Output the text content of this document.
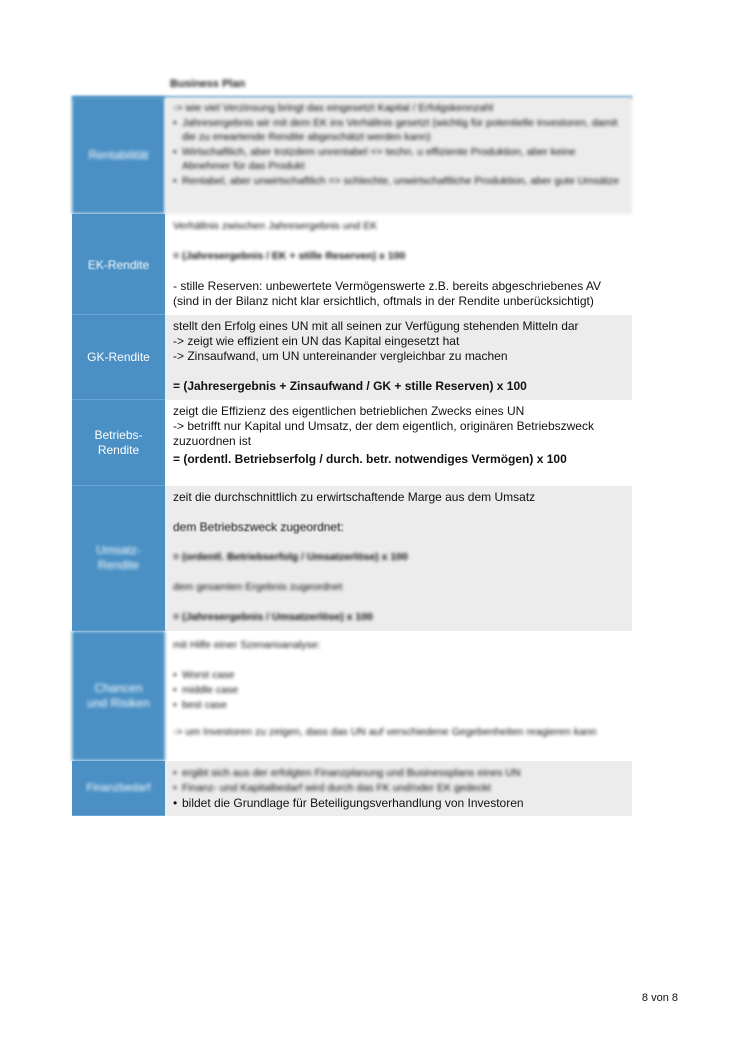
Business Plan
Rentabilität

-> wie viel Verzinsung bringt das eingesetzt Kapital / Erfolgskennzahl

• Jahresergebnis wir mit dem EK ins Verhältnis gesetzt (wichtig für potentielle Investoren, damit die zu erwartende Rendite abgeschätzt werden kann)
• Wirtschaftlich, aber trotzdem unrentabel => techn. u effiziente Produktion, aber keine Abnehmer für das Produkt
• Rentabel, aber unwirtschaftlich => schlechte, unwirtschaftliche Produktion, aber gute Umsätze
EK-Rendite

Verhältnis zwischen Jahresergebnis und EK

= (Jahresergebnis / EK + stille Reserven) x 100

- stille Reserven: unbewertete Vermögenswerte z.B. bereits abgeschriebenes AV

(sind in der Bilanz nicht klar ersichtlich, oftmals in der Rendite unberücksichtigt)

GK-Rendite

stellt den Erfolg eines UN mit all seinen zur Verfügung stehenden Mitteln dar

-> zeigt wie effizient ein UN das Kapital eingesetzt hat

-> Zinsaufwand, um UN untereinander vergleichbar zu machen

= (Jahresergebnis + Zinsaufwand / GK + stille Reserven) x 100

Betriebs-Rendite

zeigt die Effizienz des eigentlichen betrieblichen Zwecks eines UN

-> betrifft nur Kapital und Umsatz, der dem eigentlich, originären Betriebszweck zuzuordnen ist

= (ordentl. Betriebserfolg / durch. betr. notwendiges Vermögen) x 100

Umsatz-Rendite

zeit die durchschnittlich zu erwirtschaftende Marge aus dem Umsatz

dem Betriebszweck zugeordnet:

= (ordentl. Betriebserfolg / Umsatzerlöse) x 100

dem gesamten Ergebnis zugeordnet

= (Jahresergebnis / Umsatzerlöse) x 100

Chancen und Risiken

mit Hilfe einer Szenarioanalyse:

• Worst case
• middle case
• best case

-> um Investoren zu zeigen, dass das UN auf verschiedene Gegebenheiten reagieren kann

Finanzbedarf
• ergibt sich aus der erfolgten Finanzplanung und Businessplans eines UN
• Finanz- und Kapitalbedarf wird durch das FK und/oder EK gedeckt
• bildet die Grundlage für Beteiligungsverhandlung von Investoren
8 von 8
